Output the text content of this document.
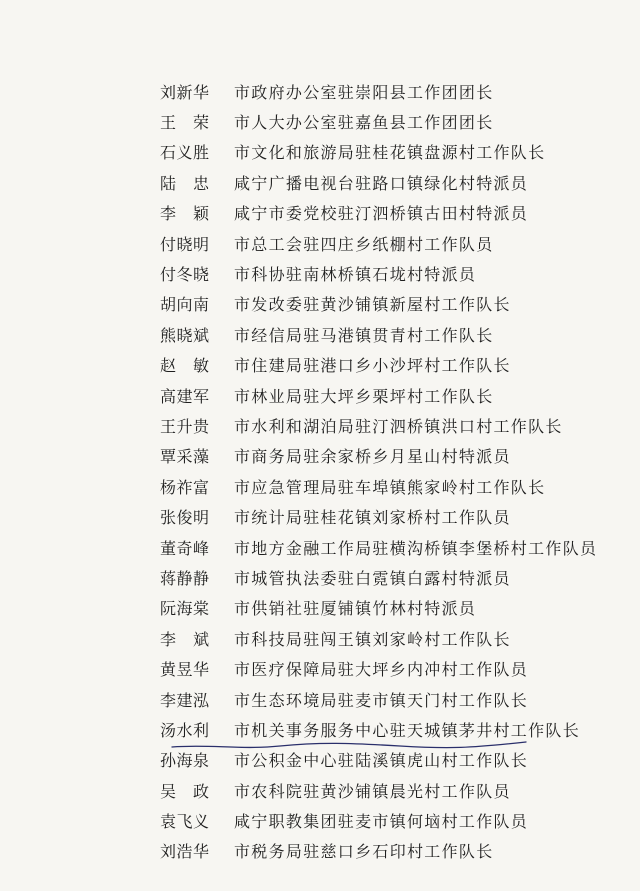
刘新华	市政府办公室驻崇阳县工作团团长
王　荣	市人大办公室驻嘉鱼县工作团团长
石义胜	市文化和旅游局驻桂花镇盘源村工作队长
陆　忠	咸宁广播电视台驻路口镇绿化村特派员
李　颖	咸宁市委党校驻汀泗桥镇古田村特派员
付晓明	市总工会驻四庄乡纸棚村工作队员
付冬晓	市科协驻南林桥镇石垅村特派员
胡向南	市发改委驻黄沙铺镇新屋村工作队长
熊晓斌	市经信局驻马港镇贯青村工作队长
赵　敏	市住建局驻港口乡小沙坪村工作队长
高建军	市林业局驻大坪乡栗坪村工作队长
王升贵	市水利和湖泊局驻汀泗桥镇洪口村工作队长
覃采藻	市商务局驻余家桥乡月星山村特派员
杨祚富	市应急管理局驻车埠镇熊家岭村工作队长
张俊明	市统计局驻桂花镇刘家桥村工作队员
董奇峰	市地方金融工作局驻横沟桥镇李堡桥村工作队员
蒋静静	市城管执法委驻白霓镇白露村特派员
阮海棠	市供销社驻厦铺镇竹林村特派员
李　斌	市科技局驻闯王镇刘家岭村工作队长
黄昱华	市医疗保障局驻大坪乡内冲村工作队员
李建泓	市生态环境局驻麦市镇天门村工作队长
汤水利	市机关事务服务中心驻天城镇茅井村工作队长
孙海泉	市公积金中心驻陆溪镇虎山村工作队长
吴　政	市农科院驻黄沙铺镇晨光村工作队员
袁飞义	咸宁职教集团驻麦市镇何垴村工作队员
刘浩华	市税务局驻慈口乡石印村工作队长
